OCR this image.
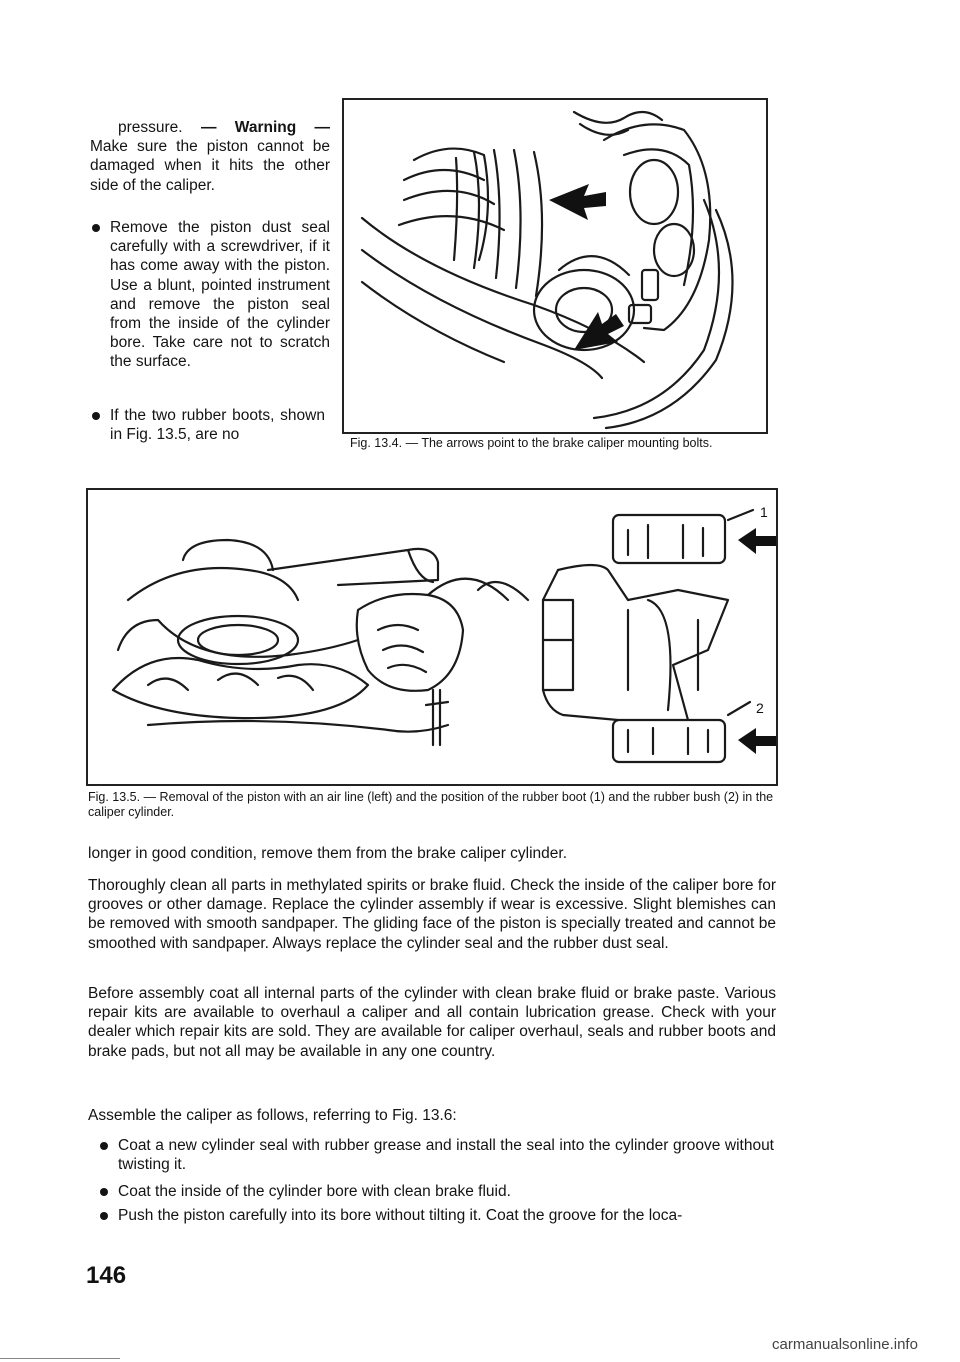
pressure. — Warning — Make sure the piston cannot be damaged when it hits the other side of the caliper.

Remove the piston dust seal carefully with a screwdriver, if it has come away with the piston. Use a blunt, pointed instrument and remove the piston seal from the inside of the cylinder bore. Take care not to scratch the surface.
If the two rubber boots, shown in Fig. 13.5, are no	Fig. 13.4. — The arrows point to the brake caliper mounting bolts.
1
2
Fig. 13.5. — Removal of the piston with an air line (left) and the position of the rubber boot (1) and the rubber bush (2) in the caliper cylinder.
longer in good condition, remove them from the brake caliper cylinder.
Thoroughly clean all parts in methylated spirits or brake fluid. Check the inside of the caliper bore for grooves or other damage. Replace the cylinder assembly if wear is excessive. Slight blemishes can be removed with smooth sandpaper. The gliding face of the piston is specially treated and cannot be smoothed with sandpaper. Always replace the cylinder seal and the rubber dust seal.
Before assembly coat all internal parts of the cylinder with clean brake fluid or brake paste. Various repair kits are available to overhaul a caliper and all contain lubrication grease. Check with your dealer which repair kits are sold. They are available for caliper overhaul, seals and rubber boots and brake pads, but not all may be available in any one country.
Assemble the caliper as follows, referring to Fig. 13.6:
Coat a new cylinder seal with rubber grease and install the seal into the cylinder groove without twisting it.
Coat the inside of the cylinder bore with clean brake fluid.
Push the piston carefully into its bore without tilting it. Coat the groove for the loca-
146
carmanualsonline.info
